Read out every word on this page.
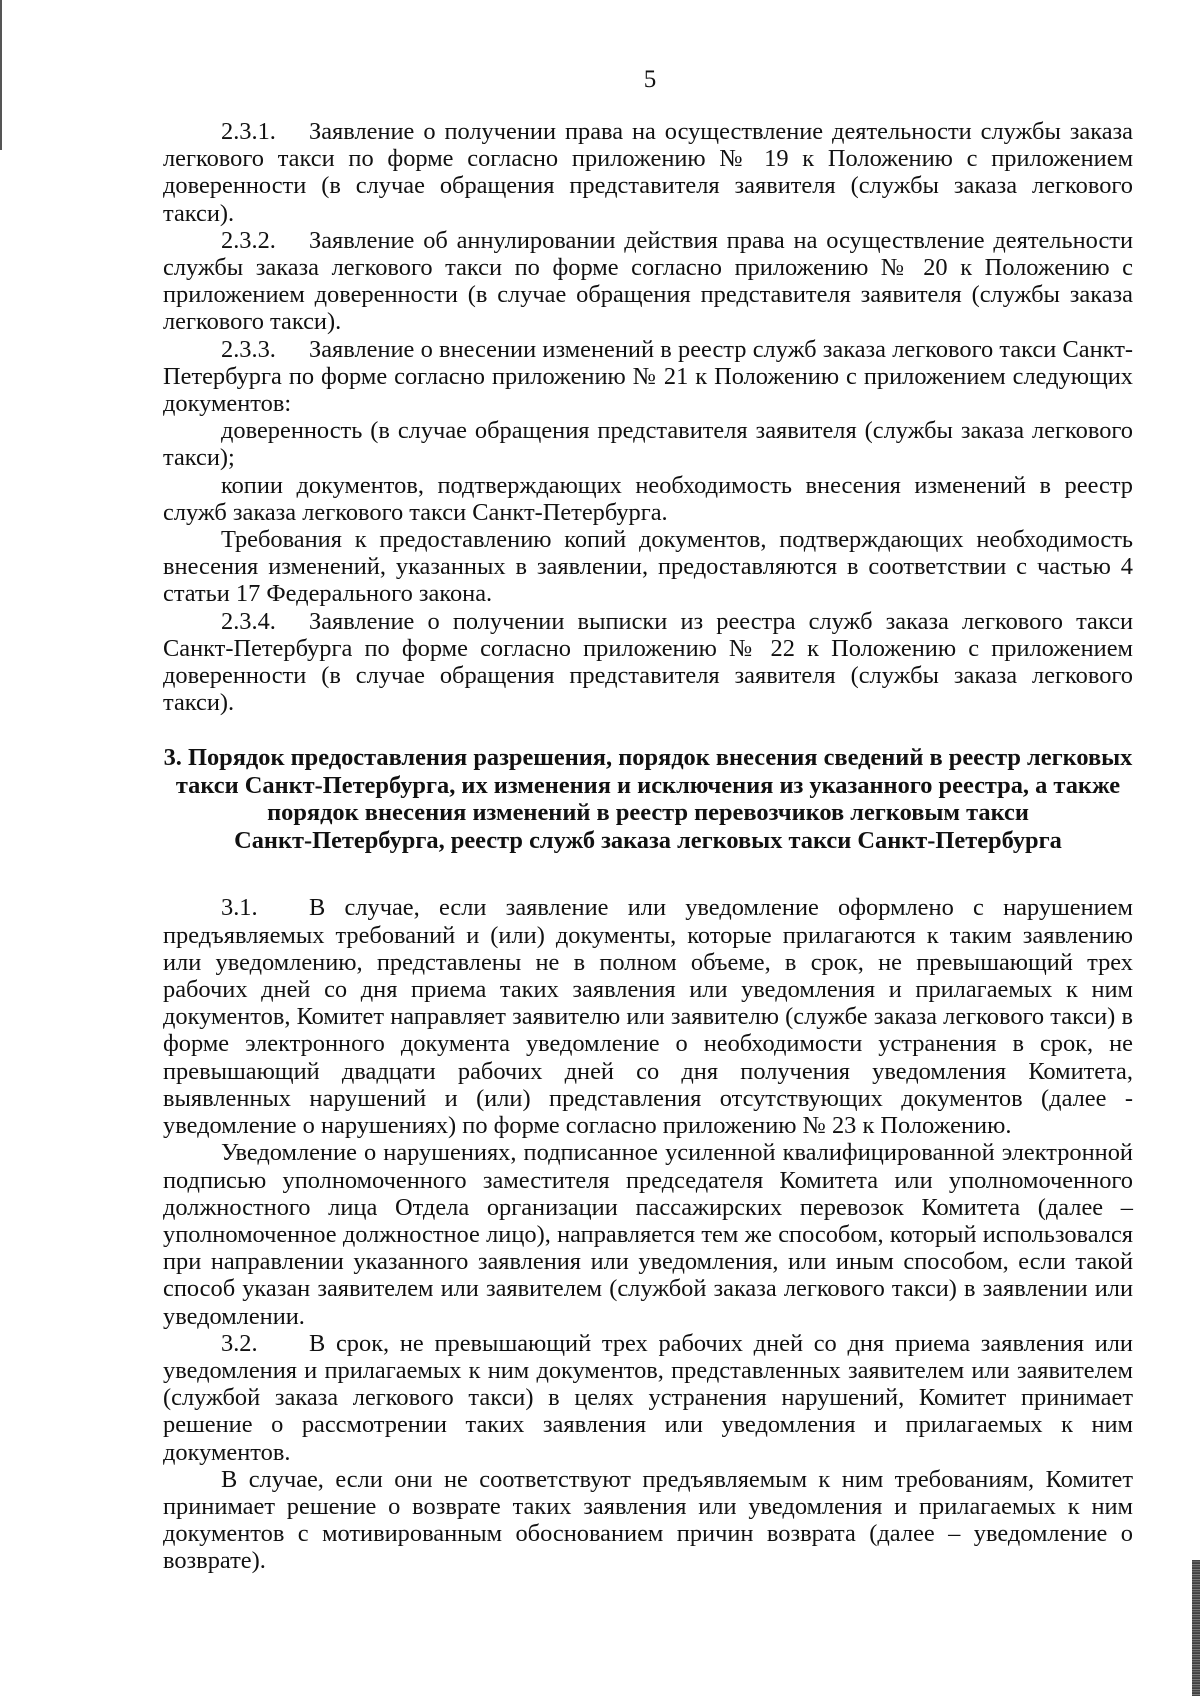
5

2.3.1. Заявление о получении права на осуществление деятельности службы заказа легкового такси по форме согласно приложению № 19 к Положению с приложением доверенности (в случае обращения представителя заявителя (службы заказа легкового такси).

2.3.2. Заявление об аннулировании действия права на осуществление деятельности службы заказа легкового такси по форме согласно приложению № 20 к Положению с приложением доверенности (в случае обращения представителя заявителя (службы заказа легкового такси).

2.3.3. Заявление о внесении изменений в реестр служб заказа легкового такси Санкт-Петербурга по форме согласно приложению № 21 к Положению с приложением следующих документов:

доверенность (в случае обращения представителя заявителя (службы заказа легкового такси);

копии документов, подтверждающих необходимость внесения изменений в реестр служб заказа легкового такси Санкт-Петербурга.

Требования к предоставлению копий документов, подтверждающих необходимость внесения изменений, указанных в заявлении, предоставляются в соответствии с частью 4 статьи 17 Федерального закона.

2.3.4. Заявление о получении выписки из реестра служб заказа легкового такси Санкт-Петербурга по форме согласно приложению № 22 к Положению с приложением доверенности (в случае обращения представителя заявителя (службы заказа легкового такси).

3. Порядок предоставления разрешения, порядок внесения сведений в реестр легковых
такси Санкт-Петербурга, их изменения и исключения из указанного реестра, а также
порядок внесения изменений в реестр перевозчиков легковым такси
Санкт-Петербурга, реестр служб заказа легковых такси Санкт-Петербурга

3.1. В случае, если заявление или уведомление оформлено с нарушением предъявляемых требований и (или) документы, которые прилагаются к таким заявлению или уведомлению, представлены не в полном объеме, в срок, не превышающий трех рабочих дней со дня приема таких заявления или уведомления и прилагаемых к ним документов, Комитет направляет заявителю или заявителю (службе заказа легкового такси) в форме электронного документа уведомление о необходимости устранения в срок, не превышающий двадцати рабочих дней со дня получения уведомления Комитета, выявленных нарушений и (или) представления отсутствующих документов (далее - уведомление о нарушениях) по форме согласно приложению № 23 к Положению.

Уведомление о нарушениях, подписанное усиленной квалифицированной электронной подписью уполномоченного заместителя председателя Комитета или уполномоченного должностного лица Отдела организации пассажирских перевозок Комитета (далее – уполномоченное должностное лицо), направляется тем же способом, который использовался при направлении указанного заявления или уведомления, или иным способом, если такой способ указан заявителем или заявителем (службой заказа легкового такси) в заявлении или уведомлении.

3.2. В срок, не превышающий трех рабочих дней со дня приема заявления или уведомления и прилагаемых к ним документов, представленных заявителем или заявителем (службой заказа легкового такси) в целях устранения нарушений, Комитет принимает решение о рассмотрении таких заявления или уведомления и прилагаемых к ним документов.

В случае, если они не соответствуют предъявляемым к ним требованиям, Комитет принимает решение о возврате таких заявления или уведомления и прилагаемых к ним документов с мотивированным обоснованием причин возврата (далее – уведомление о возврате).
